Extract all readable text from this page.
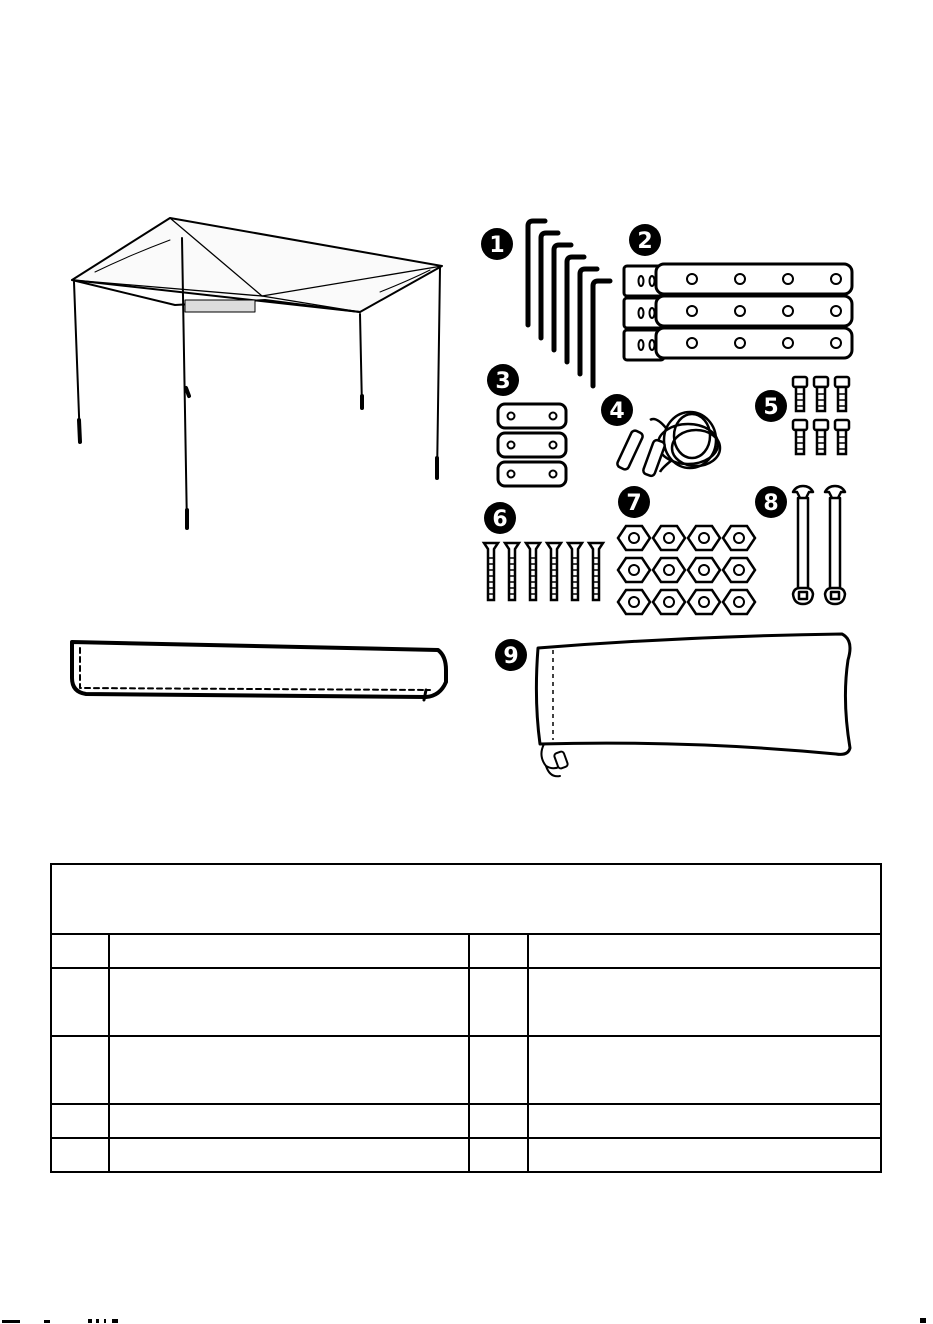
1	2
3
4	5
6
7	8
9
